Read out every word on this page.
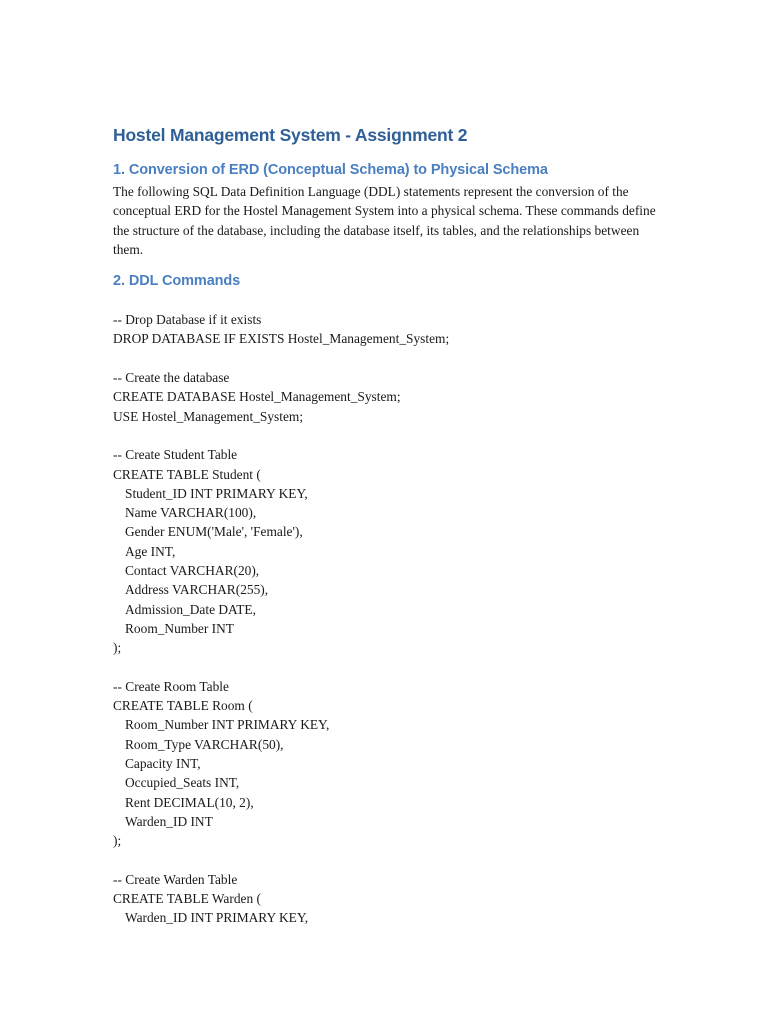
Hostel Management System - Assignment 2
1. Conversion of ERD (Conceptual Schema) to Physical Schema

The following SQL Data Definition Language (DDL) statements represent the conversion of the conceptual ERD for the Hostel Management System into a physical schema. These commands define the structure of the database, including the database itself, its tables, and the relationships between them.

2. DDL Commands
-- Drop Database if it exists
DROP DATABASE IF EXISTS Hostel_Management_System;
-- Create the database
CREATE DATABASE Hostel_Management_System;
USE Hostel_Management_System;
-- Create Student Table
CREATE TABLE Student (
Student_ID INT PRIMARY KEY,
Name VARCHAR(100),
Gender ENUM('Male', 'Female'),
Age INT,
Contact VARCHAR(20),
Address VARCHAR(255),
Admission_Date DATE,
Room_Number INT
);
-- Create Room Table
CREATE TABLE Room (
Room_Number INT PRIMARY KEY,
Room_Type VARCHAR(50),
Capacity INT,
Occupied_Seats INT,
Rent DECIMAL(10, 2),
Warden_ID INT
);
-- Create Warden Table
CREATE TABLE Warden (
Warden_ID INT PRIMARY KEY,
